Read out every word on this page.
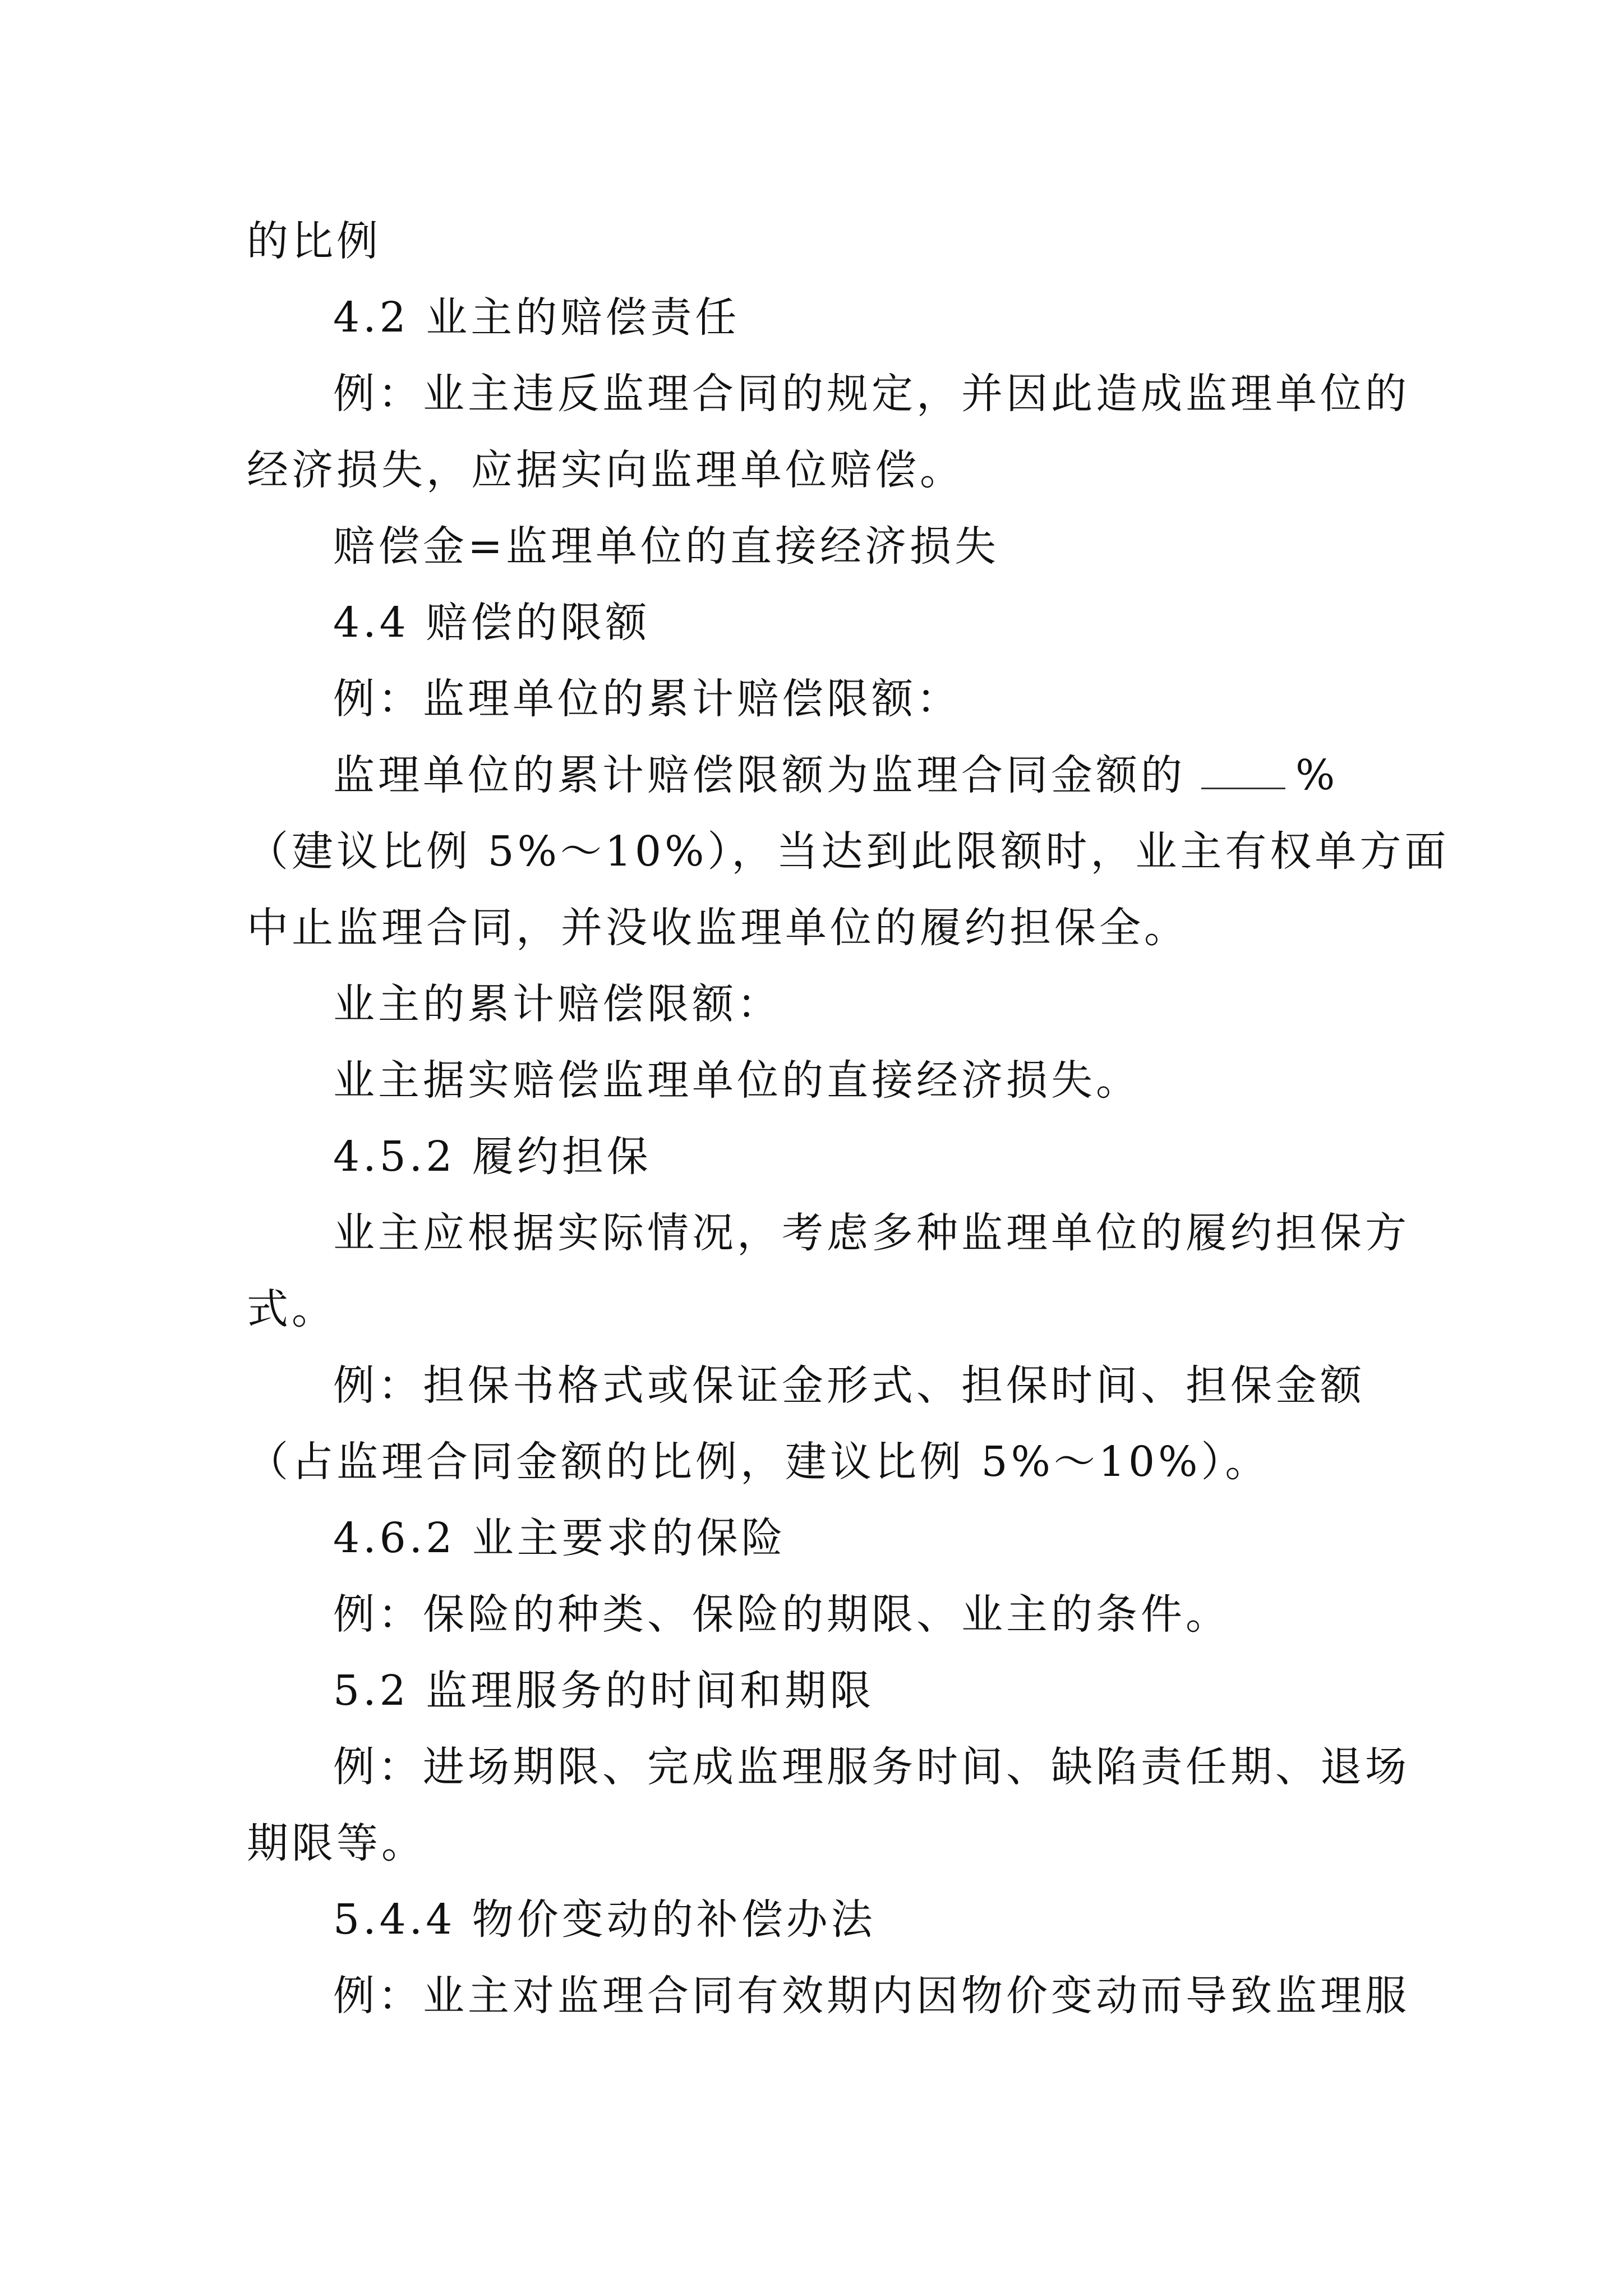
的比例
4.2 业主的赔偿责任
例：业主违反监理合同的规定，并因此造成监理单位的
经济损失，应据实向监理单位赔偿。
赔偿金=监理单位的直接经济损失
4.4 赔偿的限额
例：监理单位的累计赔偿限额：
监理单位的累计赔偿限额为监理合同金额的	%
（建议比例 5%～10%），当达到此限额时，业主有权单方面
中止监理合同，并没收监理单位的履约担保全。
业主的累计赔偿限额：
业主据实赔偿监理单位的直接经济损失。
4.5.2 履约担保
业主应根据实际情况，考虑多种监理单位的履约担保方
式。
例：担保书格式或保证金形式、担保时间、担保金额
（占监理合同金额的比例，建议比例 5%～10%）。
4.6.2 业主要求的保险
例：保险的种类、保险的期限、业主的条件。
5.2 监理服务的时间和期限
例：进场期限、完成监理服务时间、缺陷责任期、退场
期限等。
5.4.4 物价变动的补偿办法
例：业主对监理合同有效期内因物价变动而导致监理服
